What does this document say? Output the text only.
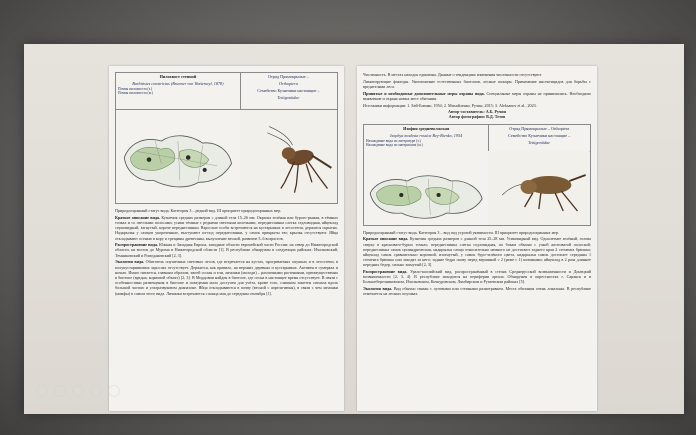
Пилохвост степной
Barbitistes constrictus (Brunner von Wattenwyl, 1878)
Почвы пилохвоста (з.)
Почвы пилохвоста (м.)
Отряд Прямокрылые –
Orthoptera
Семейство Кузнечики настоящие –
Tettigoniidae

Природоохранный статус вида. Категория 3 – редкий вид. III приоритет природоохранных мер.

Краткое описание вида. Кузнечик средних размеров с длиной тела 15–26 мм. Окраска зелёная или бурого-рыжая, в тёмных точках и со светлыми полосами; усики тёмные с редкими светлыми колечками, переднеспинка слегка седловидная, яйцеклад серповидный, загнутый, короче переднеспинки. Взрослые особи встречаются на кустарниках в лесостепи, держатся скрытно. Надкрылья у самцов укороченные, выступают из-под переднеспинки, у самок прикрыты ею; крылья отсутствуют. Яйца откладывают осенью в кору и трещины древесины, вылупление весной, развитие 5–6 возрастов.

Распространение вида. Южная и Западная Европа, западные области европейской части России: на север до Нижегородской области, на восток до Мурома и Нижегородской области [1]. В республике обнаружен в следующих районах: Ичалковский, Темниковский и Ромодановский [2, 3].

Экология вида. Обитатель опушечных световых лесов, где встречается на кустах, прогреваемых опушках и в лесостепи, в полукустарниковых зарослях отсутствует. Держится, как правило, на верхних деревьях и кустарниках. Активен в сумерках и ночью. Имаго питается, главным образом, хвоей сосны и ели, личинки (молоди) – различными растениями, преимущественно в биотопе (вредна, кормовой объект) [2, 3]. В Мордовии найден в биотопе, где сосна в настоящее время отсутствует. В связи с особенностями размещения в биотопе и поведения мало доступен для учёта, кроме того, слишком заметен сигнала вдоль большой частью и ультразвуковом диапазоне. Яйца откладываются в почву (весной с апреля-июня), в связи с чем личинки (нимфы) в самом этого вида. Личинки встречаются с конца мая до середины сентября [1].

Численность. В местах находок единична. Данные о тенденциях изменения численности отсутствуют.

Лимитирующие факторы. Уничтожение естественных биотопов, лесные пожары. Применение инсектицидов для борьбы с вредителями леса.

Принятые и необходимые дополнительные меры охраны вида. Специальные меры охраны не принимались. Необходимо выявление и охрана новых мест обитания.

Источники информации: 1. Бей-Биенко, 1954; 2. Михайленко, Ручин, 2015; 3. Aleksanov et al., 2023.

Автор-составитель: А.Б. Ручин

Автор фотографии: В.Д. Тетов

Изофия средневолжская
Isophya modesta rossica Bey-Bienko, 1954
Нахождение вида по литературе (з.)
Нахождение вида по материалам (м.)
Отряд Прямокрылые – Orthoptera
Семейство Кузнечики настоящие –
Tettigoniidae

Природоохранный статус вида. Категория 3 – вид под угрозой уязвимости. III приоритет природоохранных мер.

Краткое описание вида. Кузнечик средних размеров с длиной тела 25–28 мм. Усиковидный вид. Однолетнее зелёный, голова сверху в красновато-бурых точках; переднеспинка слегка седловидная, по бокам обычно с узкой желтоватой полоской; переднеспинка самок цилиндрическая, надкрылья самца относительно немного не достигают заднего края 2 сегмента брюшка; яйцеклад самок сравнительно короткий, изогнутый, у самок буро-зелёного цвета, надкрылья самок достигает середины 1 сегмента брюшка или заходят за него; задние бедра снизу перед вершиной с 2 (реже с 1) шипиками; яйцеклад в 2 раза длиннее передних бедер, сильно загнутый [2, 3].

Распространение вида. Урало-каспийский вид, распространённый в степях Среднерусской возвышенности и Донецкий возвышенности [2, 3, 4]. В республике находится на периферии ареала. Обнаружен в окрестностях г. Саранск и в Большеберезниковском, Ичалковском, Кочкуровском, Лямбирском и Рузаевском районах [5].

Экология вида. Вид обычно связан с луговыми или степными разнотравьем. Места обитания очень локальны. В республике отмечается на лесных опушках.

‹	›	✎	⚲	⋯
